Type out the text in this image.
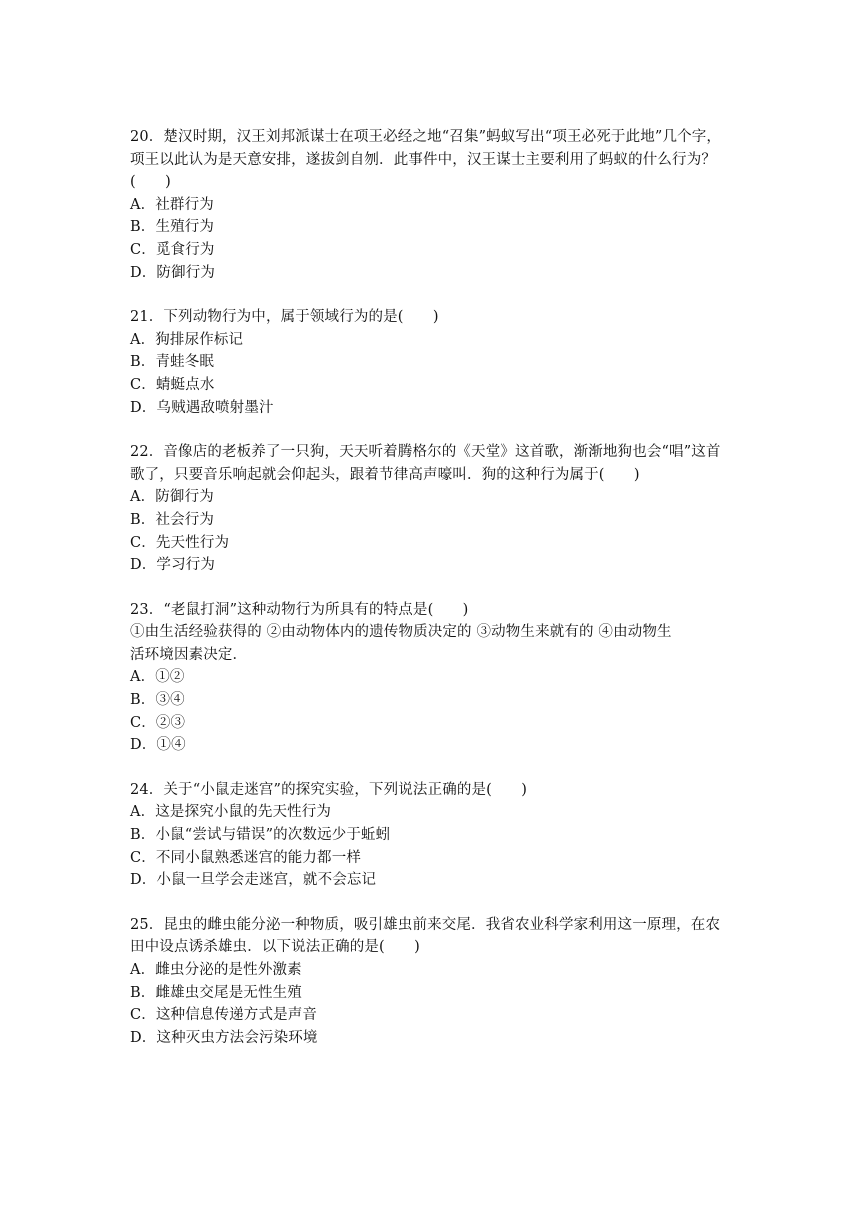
20．楚汉时期，汉王刘邦派谋士在项王必经之地“召集”蚂蚁写出“项王必死于此地”几个字，
项王以此认为是天意安排，遂拔剑自刎．此事件中，汉王谋士主要利用了蚂蚁的什么行为？
(　　)
A．社群行为
B．生殖行为
C．觅食行为
D．防御行为
21．下列动物行为中，属于领域行为的是(　　)
A．狗排尿作标记
B．青蛙冬眠
C．蜻蜓点水
D．乌贼遇敌喷射墨汁
22．音像店的老板养了一只狗，天天听着腾格尔的《天堂》这首歌，渐渐地狗也会“唱”这首
歌了，只要音乐响起就会仰起头，跟着节律高声嚎叫．狗的这种行为属于(　　)
A．防御行为
B．社会行为
C．先天性行为
D．学习行为
23．“老鼠打洞”这种动物行为所具有的特点是(　　)
①由生活经验获得的 ②由动物体内的遗传物质决定的 ③动物生来就有的 ④由动物生
活环境因素决定．
A．①②
B．③④
C．②③
D．①④
24．关于“小鼠走迷宫”的探究实验，下列说法正确的是(　　)
A．这是探究小鼠的先天性行为
B．小鼠“尝试与错误”的次数远少于蚯蚓
C．不同小鼠熟悉迷宫的能力都一样
D．小鼠一旦学会走迷宫，就不会忘记
25．昆虫的雌虫能分泌一种物质，吸引雄虫前来交尾．我省农业科学家利用这一原理，在农
田中设点诱杀雄虫．以下说法正确的是(　　)
A．雌虫分泌的是性外激素
B．雌雄虫交尾是无性生殖
C．这种信息传递方式是声音
D．这种灭虫方法会污染环境
